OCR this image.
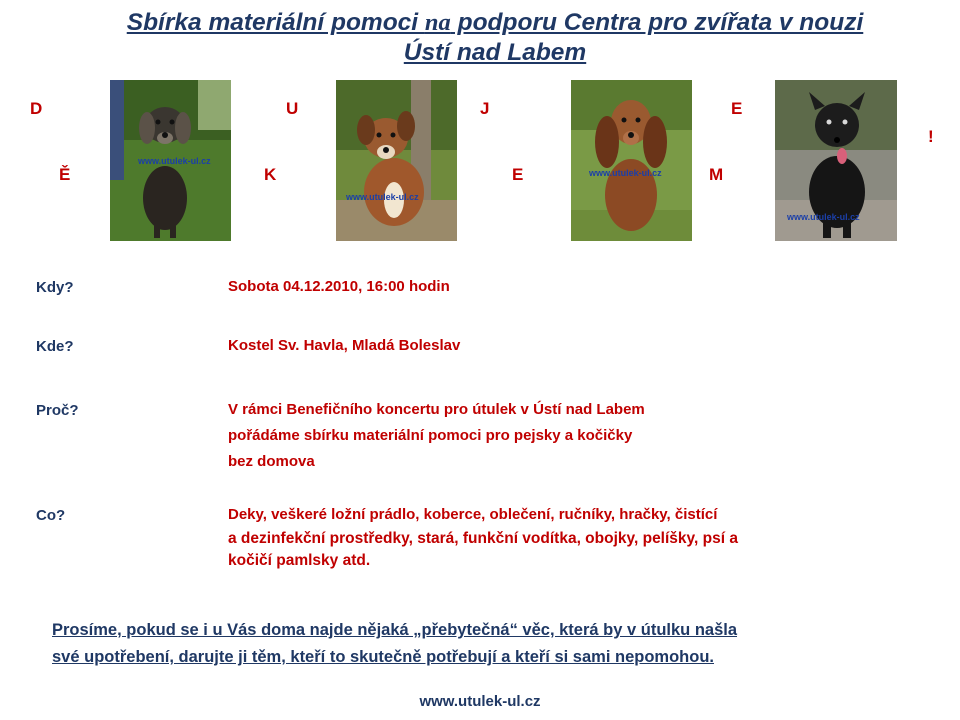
Sbírka materiální pomoci na podporu Centra pro zvířata v nouzi
Ústí nad Labem
D
Ě
U
K
J
E
E
M
!
www.utulek-ul.cz
www.utulek-ul.cz
www.utulek-ul.cz
www.utulek-ul.cz
Kdy?	Sobota 04.12.2010, 16:00 hodin
Kde?	Kostel Sv. Havla, Mladá Boleslav
Proč?	V rámci Benefičního koncertu pro útulek v Ústí nad Labem
pořádáme sbírku materiální pomoci pro pejsky a kočičky
bez domova
Co?	Deky, veškeré ložní prádlo, koberce, oblečení, ručníky, hračky, čistící
a dezinfekční prostředky, stará, funkční vodítka, obojky, pelíšky, psí a
kočičí pamlsky atd.
Prosíme, pokud se i u Vás doma najde nějaká „přebytečná“ věc, která by v útulku našla
své upotřebení, darujte ji těm, kteří to skutečně potřebují a kteří si sami nepomohou.
www.utulek-ul.cz
